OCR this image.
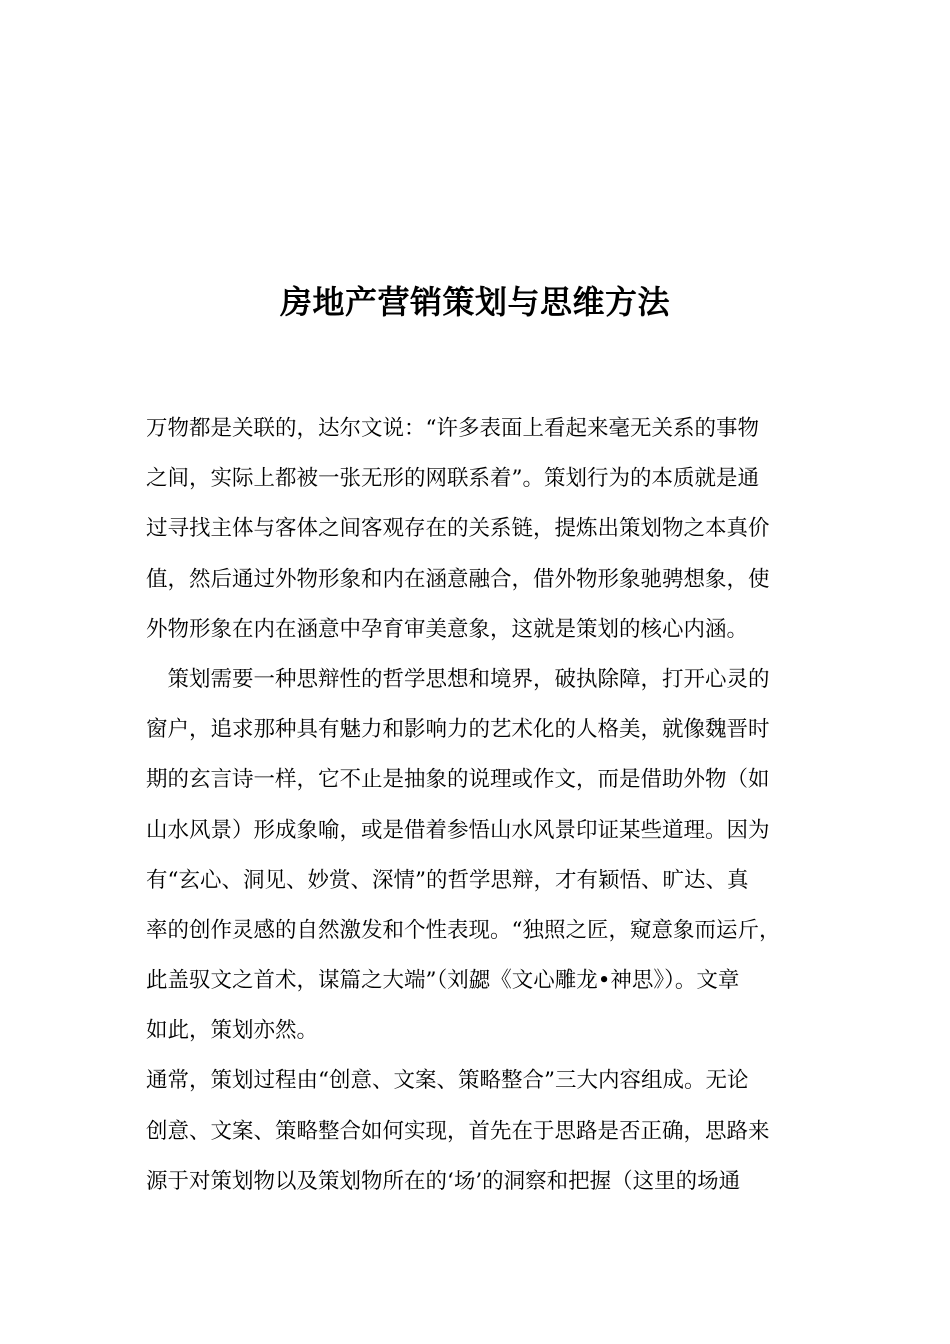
房地产营销策划与思维方法
万物都是关联的，达尔文说：“许多表面上看起来毫无关系的事物
之间，实际上都被一张无形的网联系着”。策划行为的本质就是通
过寻找主体与客体之间客观存在的关系链，提炼出策划物之本真价
值，然后通过外物形象和内在涵意融合，借外物形象驰骋想象，使
外物形象在内在涵意中孕育审美意象，这就是策划的核心内涵。
　策划需要一种思辩性的哲学思想和境界，破执除障，打开心灵的
窗户，追求那种具有魅力和影响力的艺术化的人格美，就像魏晋时
期的玄言诗一样，它不止是抽象的说理或作文，而是借助外物（如
山水风景）形成象喻，或是借着参悟山水风景印证某些道理。因为
有“玄心、洞见、妙赏、深情”的哲学思辩，才有颖悟、旷达、真
率的创作灵感的自然激发和个性表现。“独照之匠，窥意象而运斤，
此盖驭文之首术，谋篇之大端”（刘勰《文心雕龙•神思》）。文章
如此，策划亦然。
通常，策划过程由“创意、文案、策略整合”三大内容组成。无论
创意、文案、策略整合如何实现，首先在于思路是否正确，思路来
源于对策划物以及策划物所在的‘场’的洞察和把握（这里的场通
